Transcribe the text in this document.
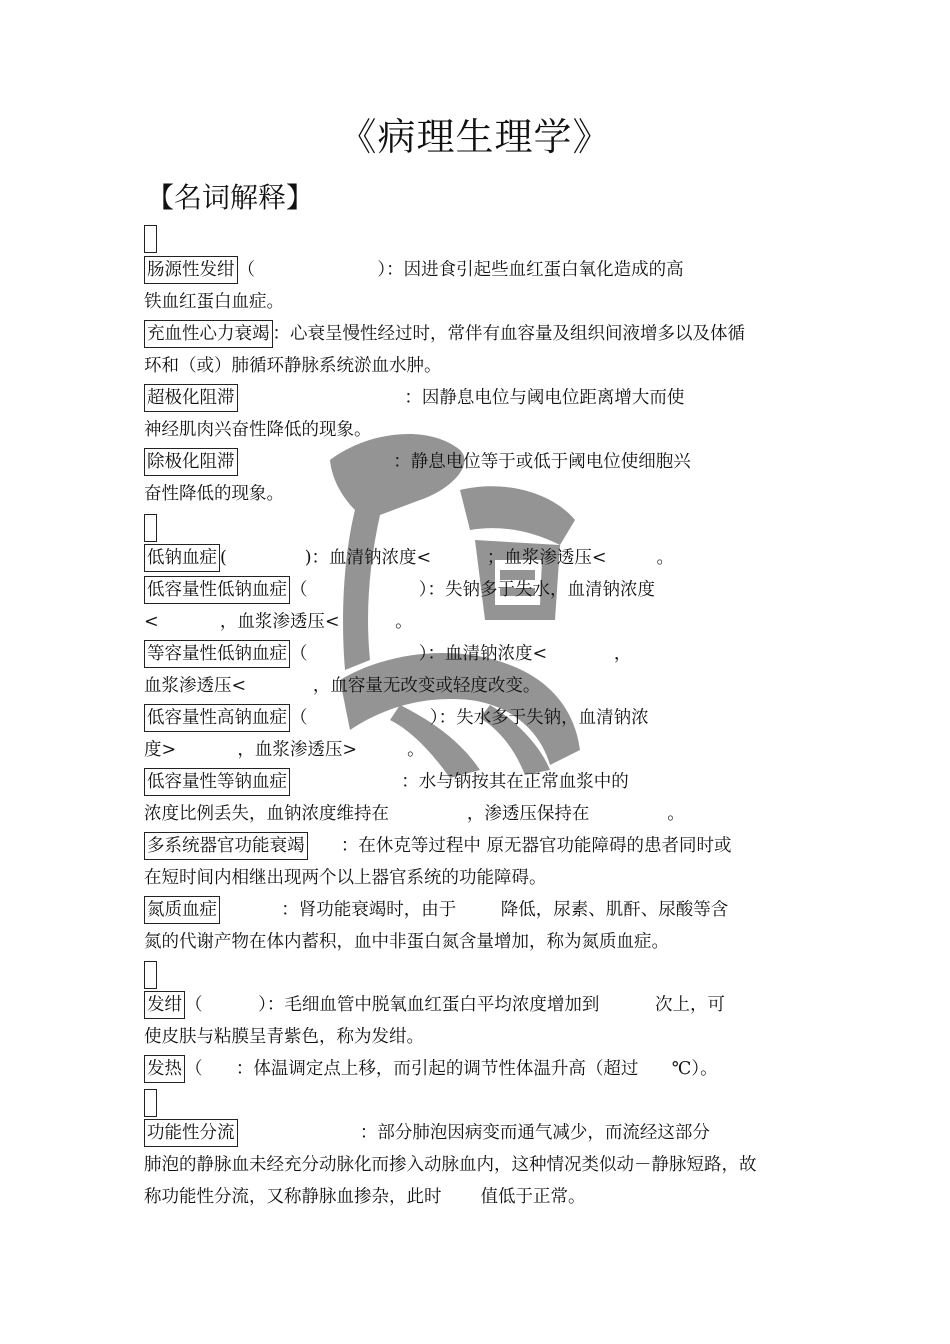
《病理生理学》
【名词解释】
肠源性发绀 （                      ）：因进食引起些血红蛋白氧化造成的高
铁血红蛋白血症。
充血性心力衰竭 ：心衰呈慢性经过时，常伴有血容量及组织间液增多以及体循
环和（或）肺循环静脉系统淤血水肿。
超极化阻滞                              ：因静息电位与阈电位距离增大而使
神经肌肉兴奋性降低的现象。
除极化阻滞                            ：静息电位等于或低于阈电位使细胞兴
奋性降低的现象。
低钠血症 (              )：血清钠浓度<          ；血浆渗透压<         。
低容量性低钠血症 （                    ）：失钠多于失水，血清钠浓度
<           ，血浆渗透压<          。
等容量性低钠血症 （                    ）：血清钠浓度<            ，
血浆渗透压<            ，血容量无改变或轻度改变。
低容量性高钠血症 （                      ）：失水多于失钠，血清钠浓
度>           ，血浆渗透压>         。
低容量性等钠血症                    ：水与钠按其在正常血浆中的
浓度比例丢失，血钠浓度维持在              ，渗透压保持在              。
多系统器官功能衰竭      ：在休克等过程中 原无器官功能障碍的患者同时或
在短时间内相继出现两个以上器官系统的功能障碍。
氮质血症           ：肾功能衰竭时，由于        降低，尿素、肌酐、尿酸等含
氮的代谢产物在体内蓄积，血中非蛋白氮含量增加，称为氮质血症。
发绀 （          ）：毛细血管中脱氧血红蛋白平均浓度增加到          次上，可
使皮肤与粘膜呈青紫色，称为发绀。
发热 （      ：体温调定点上移，而引起的调节性体温升高（超过      ℃）。
功能性分流                      ：部分肺泡因病变而通气减少，而流经这部分
肺泡的静脉血未经充分动脉化而掺入动脉血内，这种情况类似动－静脉短路，故
称功能性分流，又称静脉血掺杂，此时       值低于正常。
